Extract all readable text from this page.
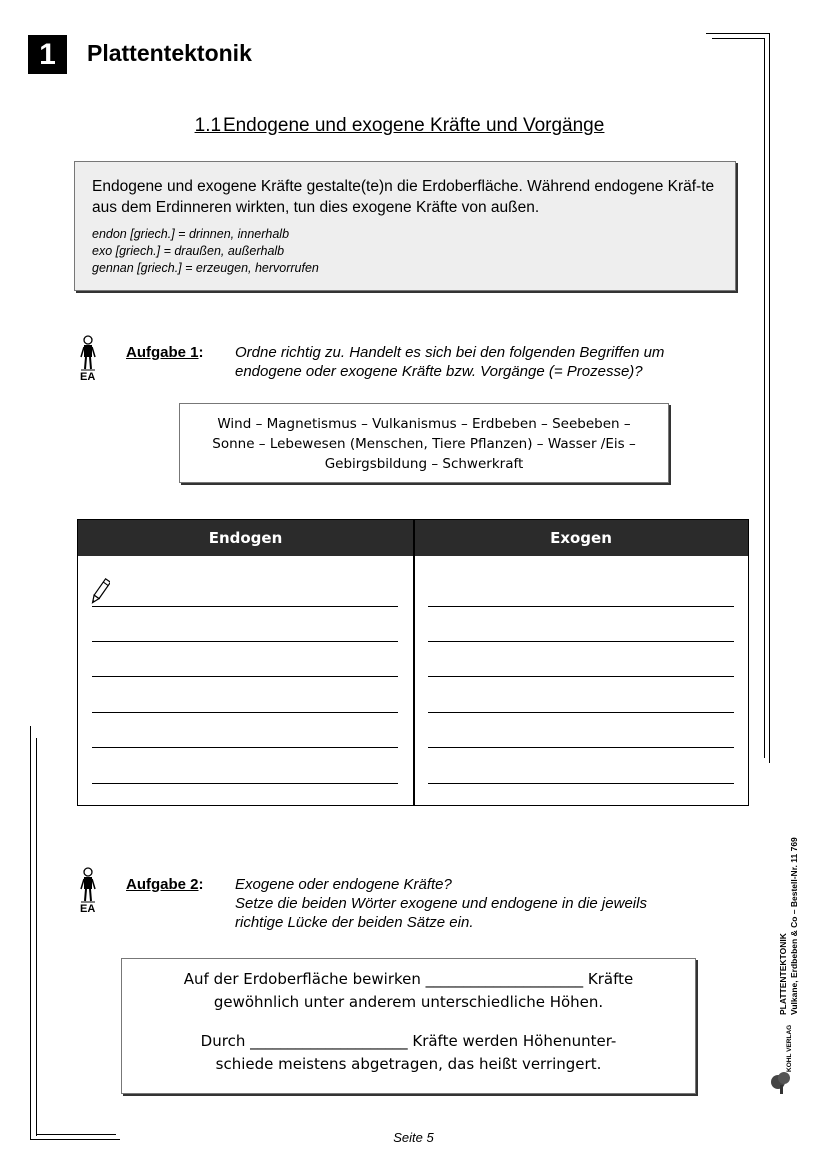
1	Plattentektonik
1.1   Endogene und exogene Kräfte und Vorgänge
Endogene und exogene Kräfte gestalte(te)n die Erdoberfläche. Während endogene Kräf-te aus dem Erdinneren wirkten, tun dies exogene Kräfte von außen.
endon [griech.] = drinnen, innerhalb
exo [griech.] = draußen, außerhalb
gennan [griech.] = erzeugen, hervorrufen
EA
Aufgabe 1: Ordne richtig zu. Handelt es sich bei den folgenden Begriffen um
endogene oder exogene Kräfte bzw. Vorgänge (= Prozesse)?
Wind – Magnetismus – Vulkanismus – Erdbeben – Seebeben –
Sonne – Lebewesen (Menschen, Tiere Pflanzen) – Wasser /Eis –
Gebirgsbildung – Schwerkraft
Endogen	Exogen
EA
Aufgabe 2: Exogene oder endogene Kräfte?
Setze die beiden Wörter exogene und endogene in die jeweils
richtige Lücke der beiden Sätze ein.
Auf der Erdoberfläche bewirken _____________________ Kräfte
gewöhnlich unter anderem unterschiedliche Höhen.
Durch _____________________ Kräfte werden Höhenunter-
schiede meistens abgetragen, das heißt verringert.
PLATTENTEKTONIK Vulkane, Erdbeben & Co – Bestell-Nr. 11 769
KOHL VERLAG
Seite 5
